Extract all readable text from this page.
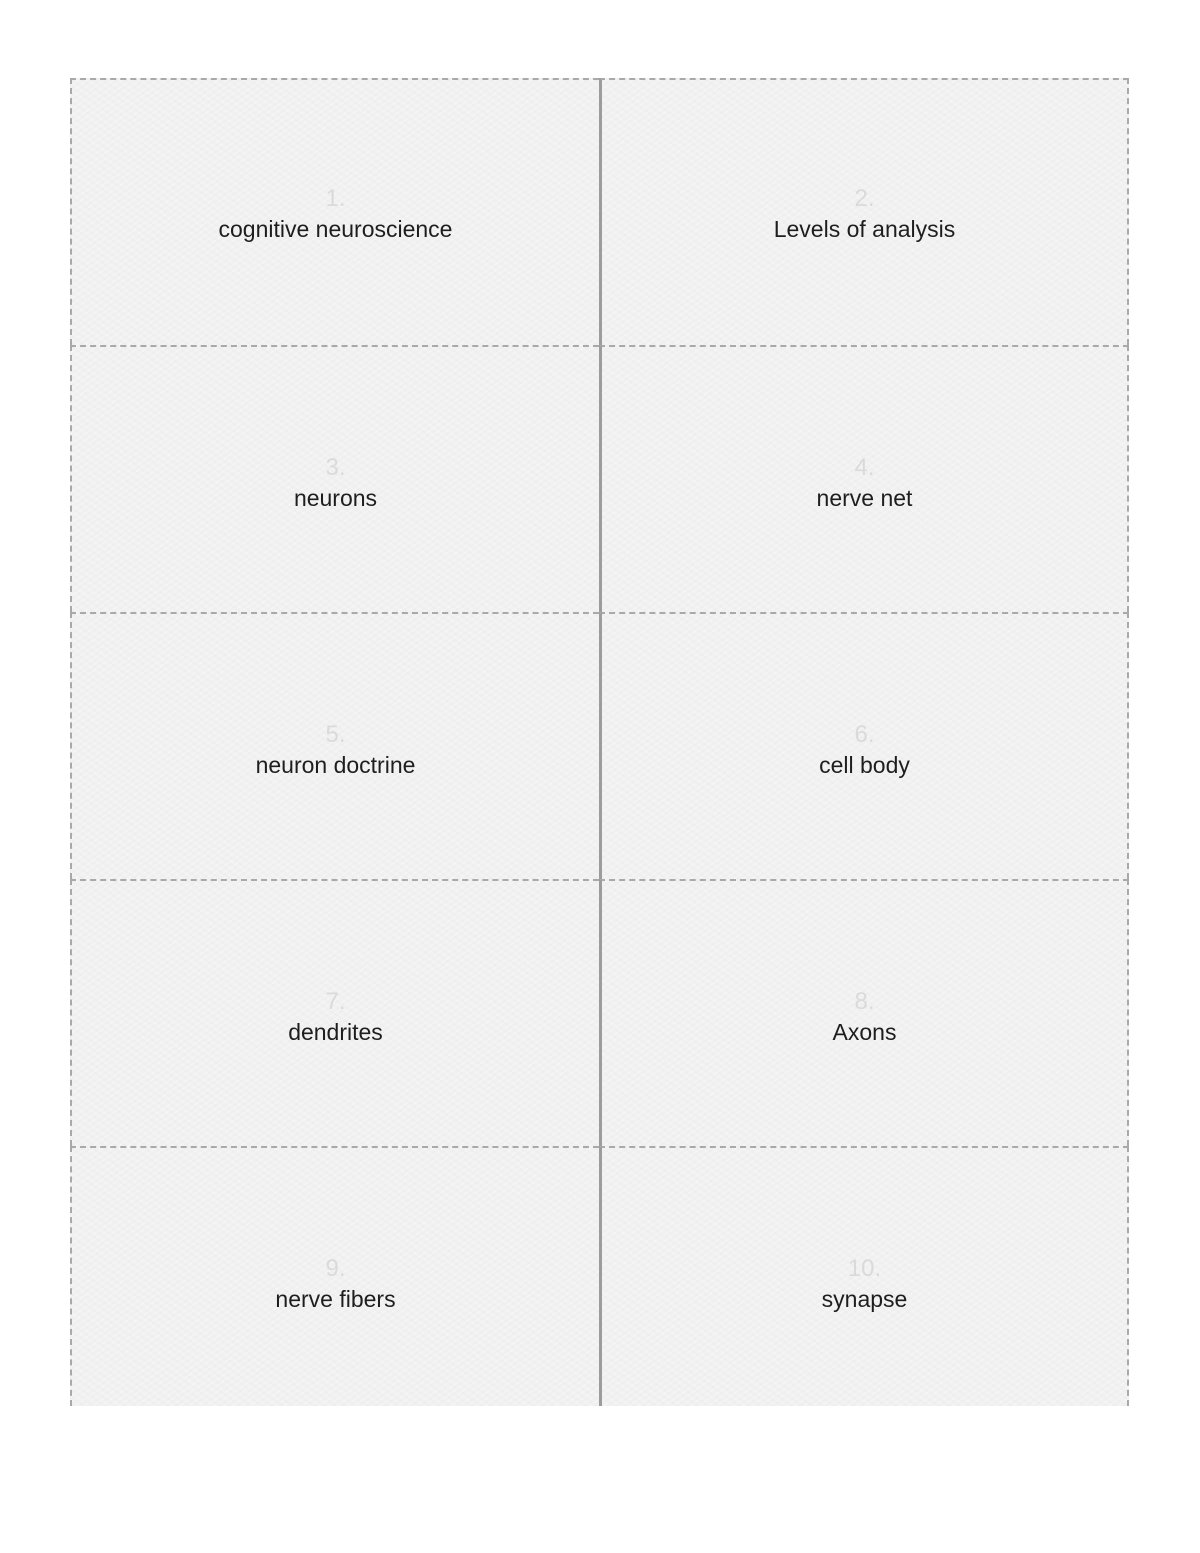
1.
cognitive neuroscience
2.
Levels of analysis
3.
neurons
4.
nerve net
5.
neuron doctrine
6.
cell body
7.
dendrites
8.
Axons
9.
nerve fibers
10.
synapse
